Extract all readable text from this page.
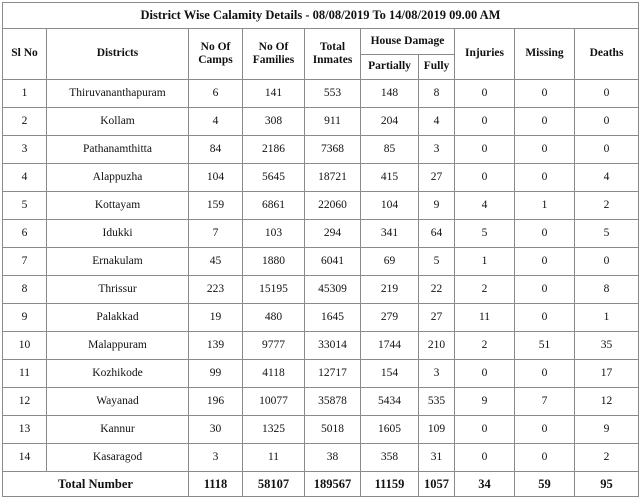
District Wise Calamity Details - 08/08/2019 To 14/08/2019 09.00 AM									
Sl No	Districts	No Of Camps	No Of Families	Total Inmates	House Damage		Injuries	Missing	Deaths
					Partially	Fully			
1	Thiruvananthapuram	6	141	553	148	8	0	0	0
2	Kollam	4	308	911	204	4	0	0	0
3	Pathanamthitta	84	2186	7368	85	3	0	0	0
4	Alappuzha	104	5645	18721	415	27	0	0	4
5	Kottayam	159	6861	22060	104	9	4	1	2
6	Idukki	7	103	294	341	64	5	0	5
7	Ernakulam	45	1880	6041	69	5	1	0	0
8	Thrissur	223	15195	45309	219	22	2	0	8
9	Palakkad	19	480	1645	279	27	11	0	1
10	Malappuram	139	9777	33014	1744	210	2	51	35
11	Kozhikode	99	4118	12717	154	3	0	0	17
12	Wayanad	196	10077	35878	5434	535	9	7	12
13	Kannur	30	1325	5018	1605	109	0	0	9
14	Kasaragod	3	11	38	358	31	0	0	2
Total Number		1118	58107	189567	11159	1057	34	59	95
